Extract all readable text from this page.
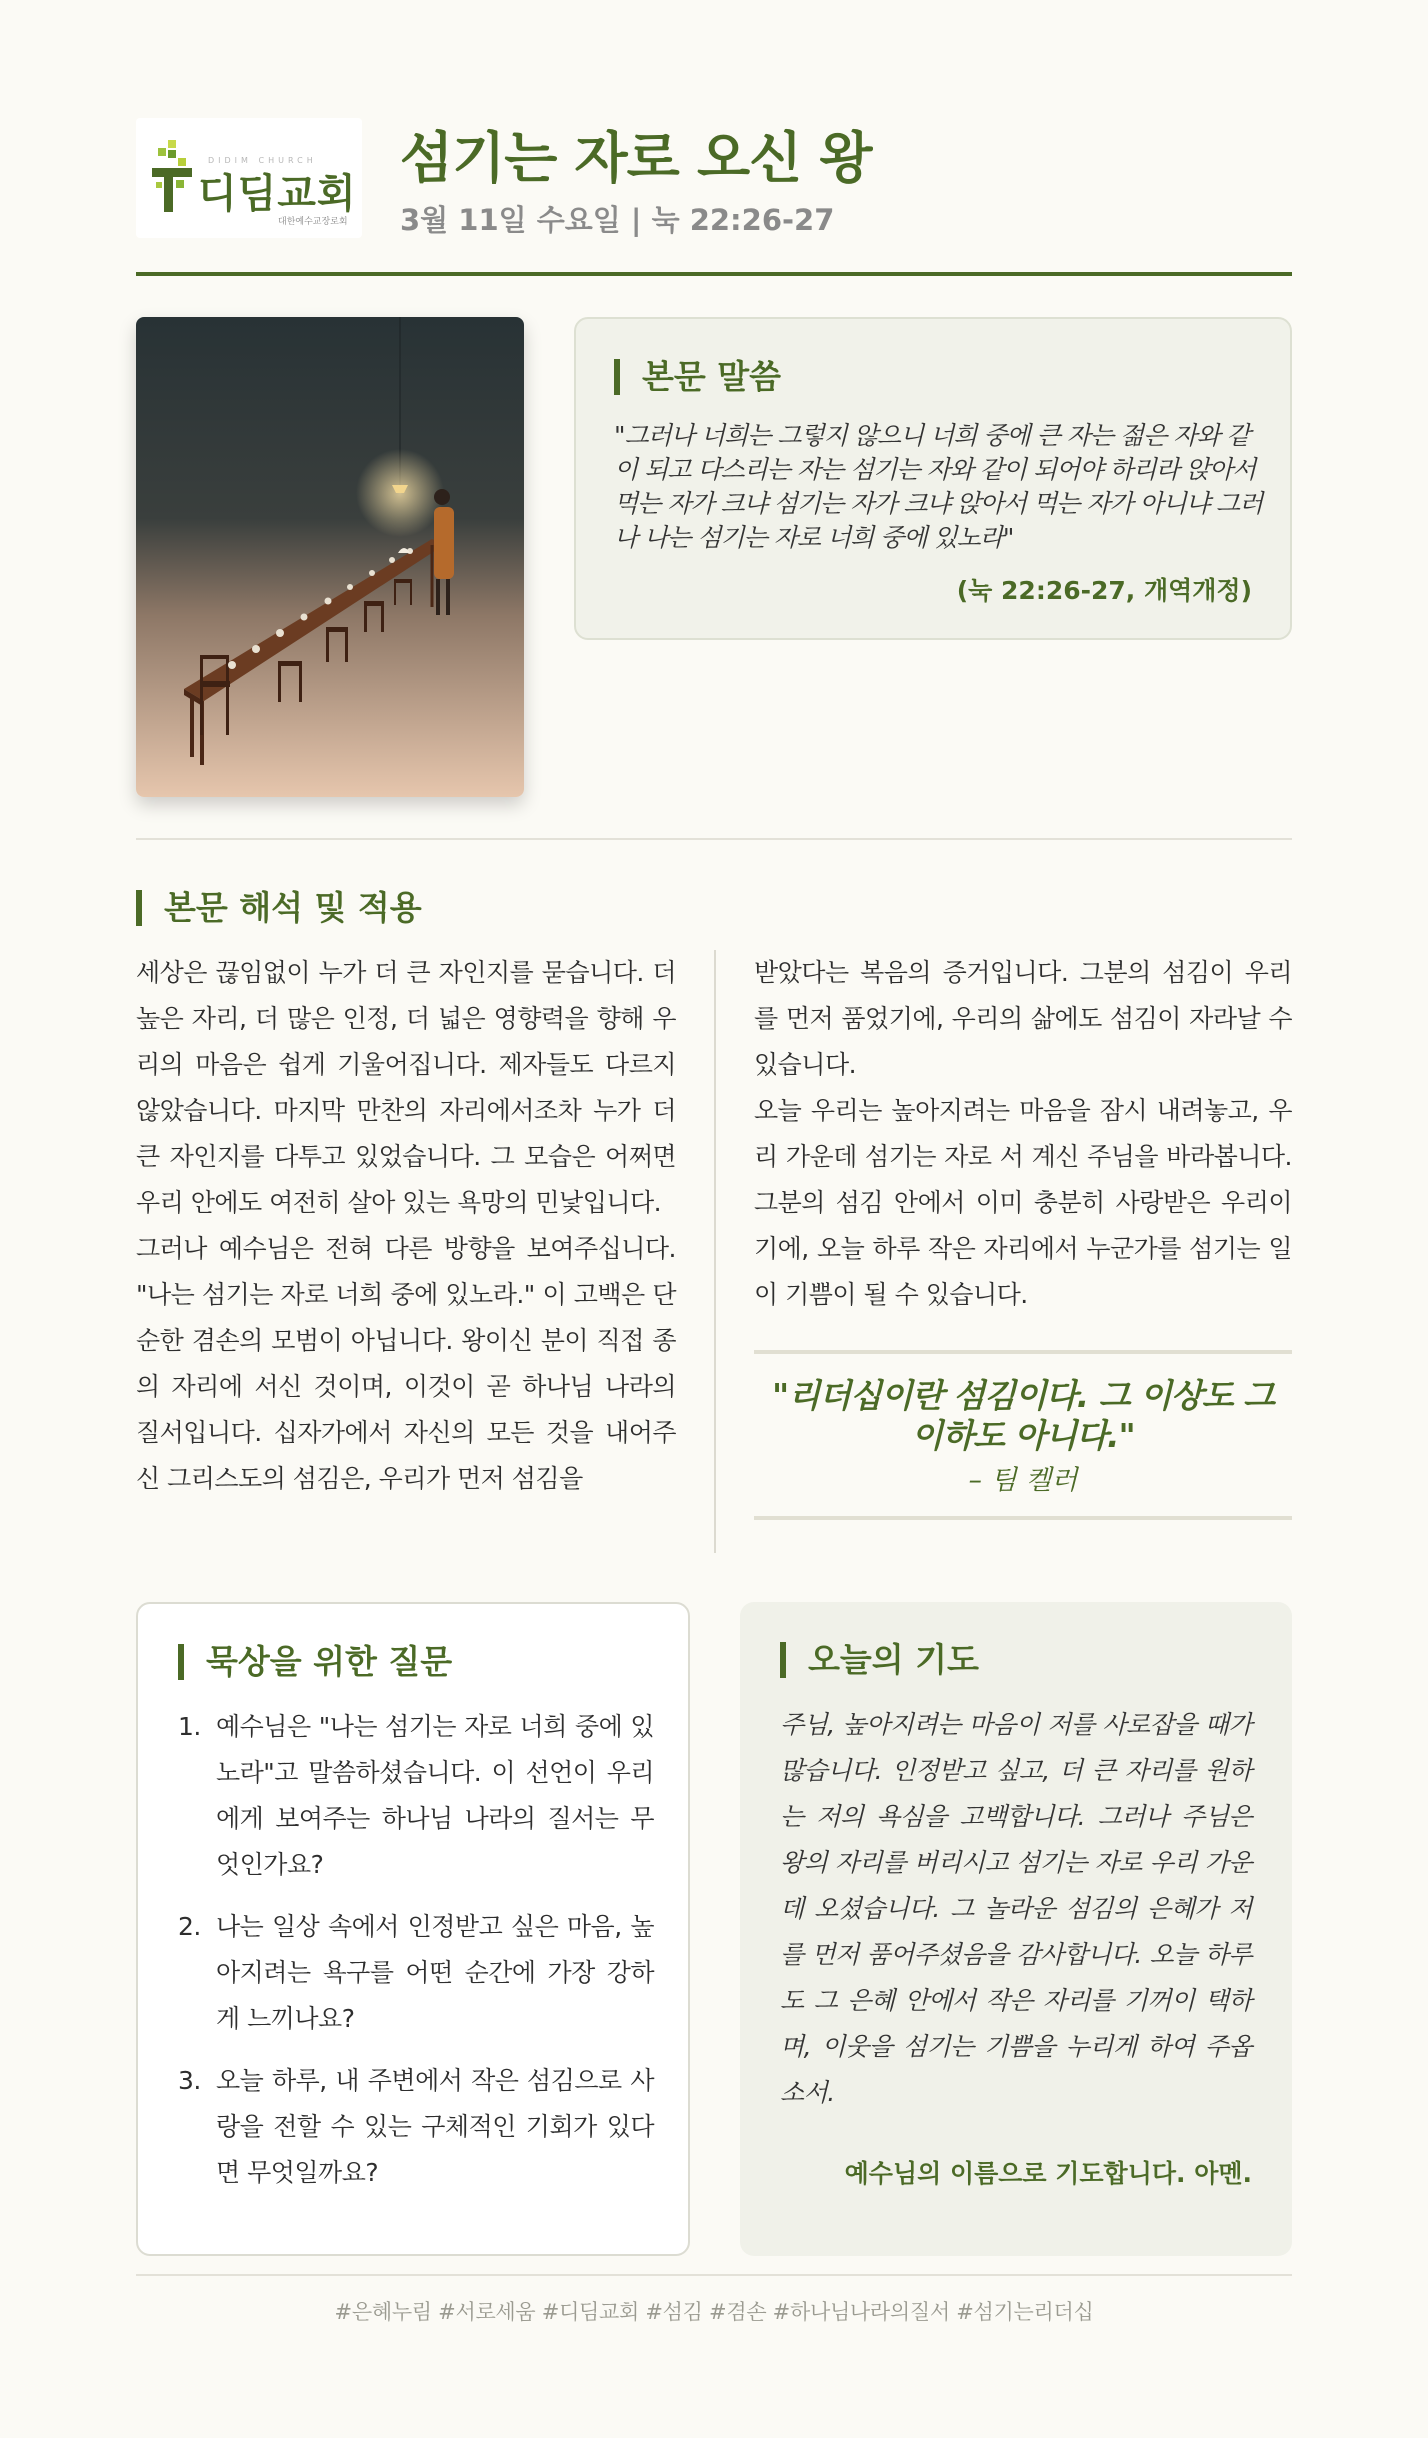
DIDIM CHURCH
디딤교회
대한예수교장로회
섬기는 자로 오신 왕
3월 11일 수요일 | 눅 22:26-27
본문 말씀

"그러나 너희는 그렇지 않으니 너희 중에 큰 자는 젊은 자와 같이 되고 다스리는 자는 섬기는 자와 같이 되어야 하리라 앉아서 먹는 자가 크냐 섬기는 자가 크냐 앉아서 먹는 자가 아니냐 그러나 나는 섬기는 자로 너희 중에 있노라"

(눅 22:26-27, 개역개정)

본문 해석 및 적용

세상은 끊임없이 누가 더 큰 자인지를 묻습니다. 더 높은 자리, 더 많은 인정, 더 넓은 영향력을 향해 우리의 마음은 쉽게 기울어집니다. 제자들도 다르지 않았습니다. 마지막 만찬의 자리에서조차 누가 더 큰 자인지를 다투고 있었습니다. 그 모습은 어쩌면 우리 안에도 여전히 살아 있는 욕망의 민낯입니다.

그러나 예수님은 전혀 다른 방향을 보여주십니다. "나는 섬기는 자로 너희 중에 있노라." 이 고백은 단순한 겸손의 모범이 아닙니다. 왕이신 분이 직접 종의 자리에 서신 것이며, 이것이 곧 하나님 나라의 질서입니다. 십자가에서 자신의 모든 것을 내어주신 그리스도의 섬김은, 우리가 먼저 섬김을

받았다는 복음의 증거입니다. 그분의 섬김이 우리를 먼저 품었기에, 우리의 삶에도 섬김이 자라날 수 있습니다.

오늘 우리는 높아지려는 마음을 잠시 내려놓고, 우리 가운데 섬기는 자로 서 계신 주님을 바라봅니다. 그분의 섬김 안에서 이미 충분히 사랑받은 우리이기에, 오늘 하루 작은 자리에서 누군가를 섬기는 일이 기쁨이 될 수 있습니다.

"리더십이란 섬김이다. 그 이상도 그 이하도 아니다."

– 팀 켈러

묵상을 위한 질문
1. 예수님은 "나는 섬기는 자로 너희 중에 있노라"고 말씀하셨습니다. 이 선언이 우리에게 보여주는 하나님 나라의 질서는 무엇인가요?
2. 나는 일상 속에서 인정받고 싶은 마음, 높아지려는 욕구를 어떤 순간에 가장 강하게 느끼나요?
3. 오늘 하루, 내 주변에서 작은 섬김으로 사랑을 전할 수 있는 구체적인 기회가 있다면 무엇일까요?
오늘의 기도

주님, 높아지려는 마음이 저를 사로잡을 때가 많습니다. 인정받고 싶고, 더 큰 자리를 원하는 저의 욕심을 고백합니다. 그러나 주님은 왕의 자리를 버리시고 섬기는 자로 우리 가운데 오셨습니다. 그 놀라운 섬김의 은혜가 저를 먼저 품어주셨음을 감사합니다. 오늘 하루도 그 은혜 안에서 작은 자리를 기꺼이 택하며, 이웃을 섬기는 기쁨을 누리게 하여 주옵소서.

예수님의 이름으로 기도합니다. 아멘.

#은혜누림 #서로세움 #디딤교회 #섬김 #겸손 #하나님나라의질서 #섬기는리더십
